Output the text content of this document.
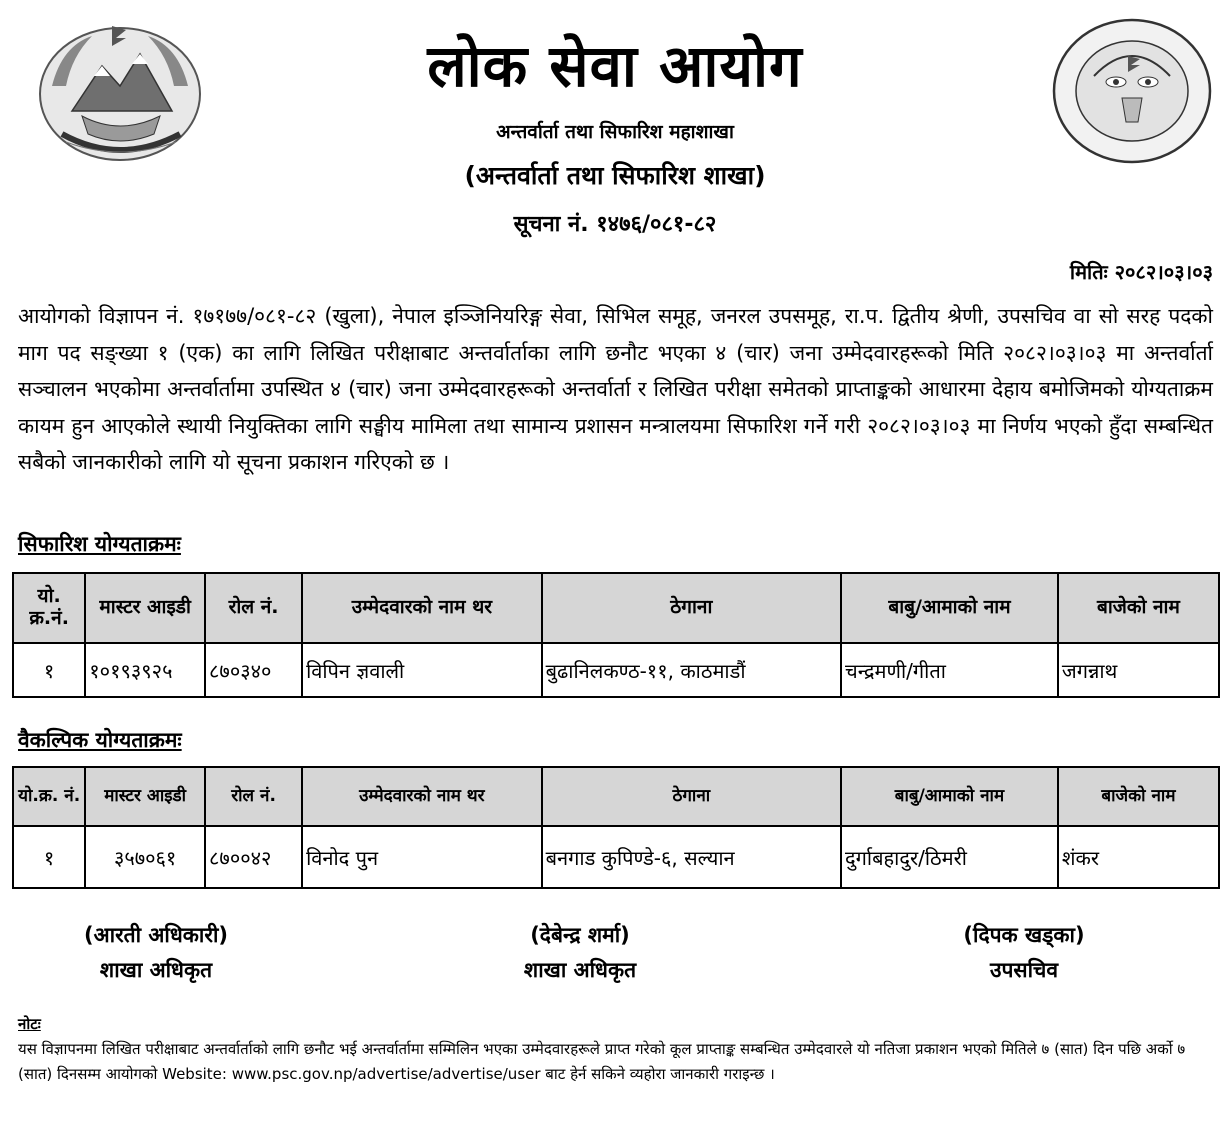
लोक सेवा आयोग
अन्तर्वार्ता तथा सिफारिश महाशाखा
(अन्तर्वार्ता तथा सिफारिश शाखा)
सूचना नं. १४७६/०८१-८२
मितिः २०८२।०३।०३
आयोगको विज्ञापन नं. १७१७७/०८१-८२ (खुला), नेपाल इञ्जिनियरिङ्ग सेवा, सिभिल समूह, जनरल उपसमूह, रा.प. द्वितीय श्रेणी, उपसचिव वा सो सरह पदको माग पद सङ्ख्या १ (एक) का लागि लिखित परीक्षाबाट अन्तर्वार्ताका लागि छनौट भएका ४ (चार) जना उम्मेदवारहरूको मिति २०८२।०३।०३ मा अन्तर्वार्ता सञ्चालन भएकोमा अन्तर्वार्तामा उपस्थित ४ (चार) जना उम्मेदवारहरूको अन्तर्वार्ता र लिखित परीक्षा समेतको प्राप्ताङ्कको आधारमा देहाय बमोजिमको योग्यताक्रम कायम हुन आएकोले स्थायी नियुक्तिका लागि सङ्घीय मामिला तथा सामान्य प्रशासन मन्त्रालयमा सिफारिश गर्ने गरी २०८२।०३।०३ मा निर्णय भएको हुँदा सम्बन्धित सबैको जानकारीको लागि यो सूचना प्रकाशन गरिएको छ ।
सिफारिश योग्यताक्रमः
यो. क्र.नं.	मास्टर आइडी	रोल नं.	उम्मेदवारको नाम थर	ठेगाना	बाबु/आमाको नाम	बाजेको नाम
१	१०१९३९२५	८७०३४०	विपिन ज्ञवाली	बुढानिलकण्ठ-११, काठमाडौं	चन्द्रमणी/गीता	जगन्नाथ
वैकल्पिक योग्यताक्रमः
यो.क्र. नं.	मास्टर आइडी	रोल नं.	उम्मेदवारको नाम थर	ठेगाना	बाबु/आमाको नाम	बाजेको नाम
१	३५७०६१	८७००४२	विनोद पुन	बनगाड कुपिण्डे-६, सल्यान	दुर्गाबहादुर/ठिमरी	शंकर
(आरती अधिकारी)
शाखा अधिकृत
(देबेन्द्र शर्मा)
शाखा अधिकृत
(दिपक खड्का)
उपसचिव
नोटः
यस विज्ञापनमा लिखित परीक्षाबाट अन्तर्वार्ताको लागि छनौट भई अन्तर्वार्तामा सम्मिलिन भएका उम्मेदवारहरूले प्राप्त गरेको कूल प्राप्ताङ्क सम्बन्धित उम्मेदवारले यो नतिजा प्रकाशन भएको मितिले ७ (सात) दिन पछि अर्को ७ (सात) दिनसम्म आयोगको Website: www.psc.gov.np/advertise/advertise/user बाट हेर्न सकिने व्यहोरा जानकारी गराइन्छ ।
